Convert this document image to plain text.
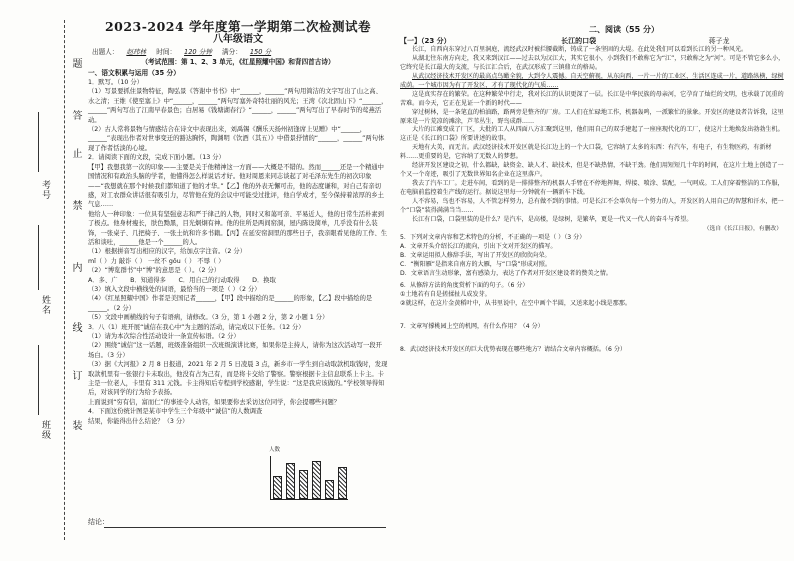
题
答
止
禁
内
线
订
装
考号
姓名
班级
2023-2024 学年度第一学期第二次检测试卷
八年级语文
出题人： 赵玮林 时间： 120 分钟 满分： 150 分
（考试范围：第 1、2、3 单元，《红星照耀中国》和背四首古诗）
一、语文积累与运用（35 分）
1．默写。（10 分）
（1）写景要抓住景物特征，陶弘景《答谢中书书》中“______，______”两句用简洁的文字写出了山之高、水之清；王维《使至塞上》中“______，______”两句写塞外奇特壮丽的风光；王湾《次北固山下》“______，______”两句写出了江南早春景色；白居易《钱塘湖春行》“______，______”两句写出了早春时节的莺燕活动。
（2）古人常将景物与情感结合在诗文中表现出来，刘禹锡《酬乐天扬州初逢席上见赠》中“______，______”表现出作者对世事变迁的豁达胸怀，陶渊明《饮酒（其五）》中借景抒情的“______，______”两句体现了作者恬淡的心境。
2．请阅读下面的文段，完成下面小题。（13 分）
【甲】我想我第一次的印象——主要是关于他精神这一方面——大概是不错的。然而______还是一个精通中国情况和有政治头脑的学者，他懂得怎么样说话才好。他对周恩来同志谈起了对毛泽东先生的初次印象——“我想就在那个时候我们都知道了他的才华。”【乙】他的外表无懈可击，他的态度谦和，对自己有亲切感，对工农群众讲话很有吸引力，尽管他在党的会议中可能受过批评，他自学成才，至今保持着浓厚的乡土气息……
他给人一种印象：一位具有坚强意志和严于律己的人物，同时又和蔼可亲、平易近人，他的日常生活朴素到了极点。他身材瘦长，肤色黝黑，目光炯炯有神。他的住所是两间窑洞，屋内陈设简单，几乎没有什么装饰，一张桌子、几把椅子、一张土炕和许多书籍。【丙】在延安窑洞里的那些日子，我亲眼看见他的工作、生活和谈吐，______他是一个______的人。
（1）根据拼音写出相应的汉字，给加点字注音。（2 分）
mǐ（ ）力 敲诈（ ） 一丝不 gǒu（ ） 不辱（ ）
（2）“博览群书”中“博”的意思是（ ）。（2 分）
A．多、广　　B．知道得多　　C．用自己的行动取得　　D．换取
（3）填入文段中横线处的词语，最恰当的一项是（ ）（2 分）
（4）《红星照耀中国》作者是美国记者______，【甲】段中描绘的是______的形象，【乙】段中描绘的是______。（2 分）
（5）文段中画横线的句子有语病，请修改。（3 分，第 1 小题 2 分，第 2 小题 1 分）
3．八（1）班开展“诚信在我心中”为主题的活动，请完成以下任务。（12 分）
（1）请为本次综合性活动设计一条宣传标语。（2 分）
（2）围绕“诚信”这一话题，班级准备组织一次班级演讲比赛，如果你是主持人，请你为这次活动写一段开场白。（3 分）
（3）据《大河报》2 月 8 日报道，2021 年 2 月 5 日凌晨 3 点，新乡市一学生到自动取款机取钱时，发现取款机里有一张银行卡未取出，他没有占为己有，而是将卡交给了警察。警察根据卡主信息联系上卡主。卡主是一位老人，卡里有 311 元钱。卡主得知后专程到学校感谢，学生说：“这是我应该做的。”学校领导得知后，对该同学的行为给予表扬。
上面说到“穷有信，富而仁”的事迹令人动容，如果要你去采访这位同学，你会提哪些问题？
4．下面这份统计图是某市中学生三个年级中“诚信”的人数调查结果，你能得出什么结论？（3 分）
人数
结论：
二、阅读（55 分）
【一】（23 分）	长江的口袋	蒋子龙
长江，自西向东穿过八百里洞庭，流经武汉时被拦腰截断，铸成了一条坚固的大堤。在此处我们可以看到长江的另一种风光。
从湖北往东南方向走，我又来到汉江——过去以为汉江大，其实它很小，小到我们不敢称它为“江”，只敢称之为“河”。可是不管它多么小，它终究是长江最大的支流，与长江汇合后，在武汉形成了三镇鼎立的格局。
从武汉经济技术开发区的最高点鸟瞰全貌，大到令人震撼。自天空俯视，从东向西，一片一片的工业区、生活区连成一片，道路纵横，绿树成荫。一个城市因为有了开发区，才有了现代化的气质……
这是真实存在的繁荣。在这种繁荣中行走，我对长江的认识更深了一层。长江是中华民族的母亲河，它孕育了灿烂的文明，也承载了沉重的苦难。而今天，它正在见证一个新的时代——
穿过树林，是一条笔直的柏油路，路两旁是整齐的厂房。工人们在忙碌地工作，机器轰鸣，一派繁忙的景象。开发区的建设者告诉我，这里原来是一片荒凉的滩涂，芦苇丛生，野鸟成群……
大片的江滩变成了厂区，大批的工人从四面八方汇聚到这里，他们用自己的双手建起了一座座现代化的工厂，使这片土地焕发出勃勃生机。这正是《长江的口袋》所要讲述的故事。
天地有大美，而无言。武汉经济技术开发区就是长江边上的一个大口袋，它容纳了太多的东西：有汽车，有电子，有生物医药，有新材料……更重要的是，它容纳了无数人的梦想。
经济开发区建设之初，什么都缺，缺资金、缺人才、缺技术，但是不缺热情，不缺干劲。他们用短短几十年的时间，在这片土地上创造了一个又一个奇迹，吸引了无数世界知名企业在这里落户。
我去了汽车工厂。走进车间，看到的是一排排整齐的机器人手臂在不停地挥舞，焊接、喷涂、装配，一气呵成。工人们穿着整洁的工作服，在电脑前监控着生产线的运行。据说这里每一分钟就有一辆新车下线。
人不容易，鸟也不容易，人不管怎样努力，总有做不到的事情。可是长江不会辜负每一个努力的人，开发区的人用自己的智慧和汗水，把一个“口袋”装得满满当当……
长江有口袋，口袋里装的是什么？是汽车，是高楼，是绿树，是繁华，更是一代又一代人的奋斗与希望。
（选自《长江日报》，有删改）
5．下列对文章内容和艺术特色的分析，不正确的一项是（ ）（3 分）
A．文章开头介绍长江的流向，引出下文对开发区的描写。
B．文章运用拟人修辞手法，写出了开发区的欣欣向荣。
C．“衡阳雁”是指来自南方的大雁，与“口袋”形成对照。
D．文章语言生动形象，富有感染力，表达了作者对开发区建设者的赞美之情。
6．从修辞方法的角度赏析下面的句子。（6 分）
①土地若有自是搓揉扯儿成发芽。
②就这样，在这片金黄稻叶中，从书里说中，在空中画个半圆，又送来起小线是那那。
7．文章写撑桃园上空的机网，有什么作用？（4 分）
8．武汉经济技术开发区的巨大优势表现在哪些地方？请结合文章内容概括。（6 分）
